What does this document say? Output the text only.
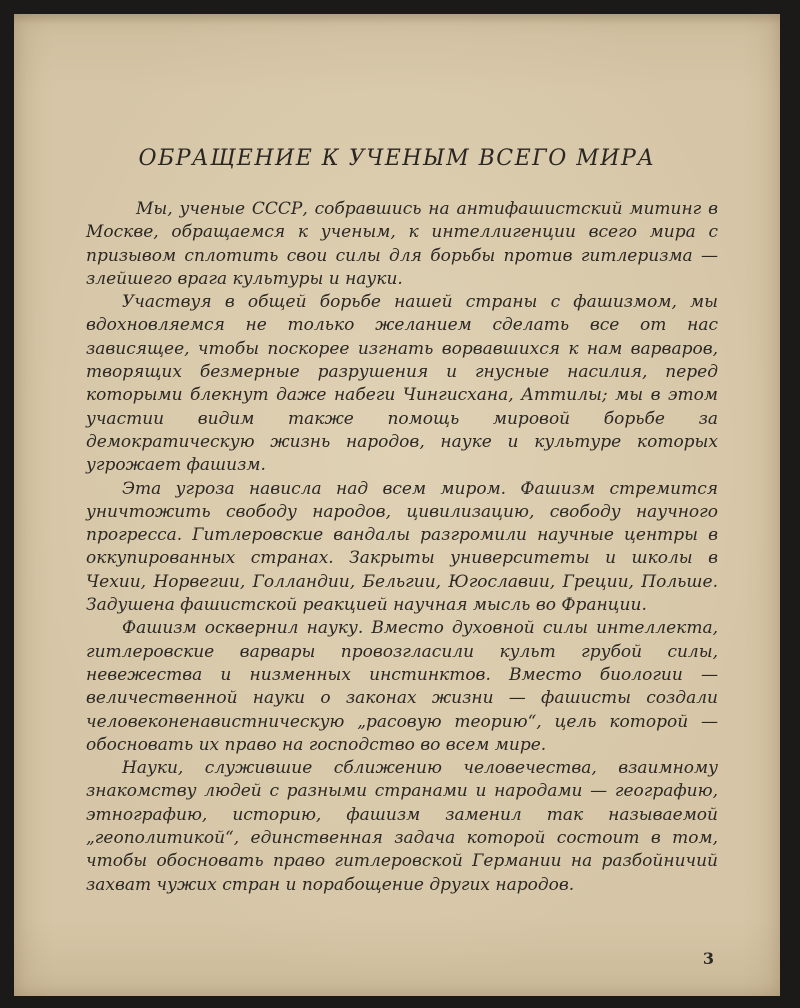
ОБРАЩЕНИЕ К УЧЕНЫМ ВСЕГО МИРА

Мы, ученые СССР, собравшись на антифашистский митинг в Москве, обращаемся к ученым, к интеллигенции всего мира с призывом сплотить свои силы для борьбы против гитлеризма — злейшего врага культуры и науки.

Участвуя в общей борьбе нашей страны с фашизмом, мы вдохновляемся не только желанием сделать все от нас зависящее, чтобы поскорее изгнать ворвавшихся к нам варваров, творящих безмерные разрушения и гнусные насилия, перед которыми блекнут даже набеги Чингисхана, Аттилы; мы в этом участии видим также помощь мировой борьбе за демократическую жизнь народов, науке и культуре которых угрожает фашизм.

Эта угроза нависла над всем миром. Фашизм стремится уничтожить свободу народов, цивилизацию, свободу научного прогресса. Гитлеровские вандалы разгромили научные центры в оккупированных странах. Закрыты университеты и школы в Чехии, Норвегии, Голландии, Бельгии, Югославии, Греции, Польше. Задушена фашистской реакцией научная мысль во Франции.

Фашизм осквернил науку. Вместо духовной силы интеллекта, гитлеровские варвары провозгласили культ грубой силы, невежества и низменных инстинктов. Вместо биологии — величественной науки о законах жизни — фашисты создали человеконенавистническую „расовую теорию“, цель которой — обосновать их право на господство во всем мире.

Науки, служившие сближению человечества, взаимному знакомству людей с разными странами и народами — географию, этнографию, историю, фашизм заменил так называемой „геополитикой“, единственная задача которой состоит в том, чтобы обосновать право гитлеровской Германии на разбойничий захват чужих стран и порабощение других народов.

3
